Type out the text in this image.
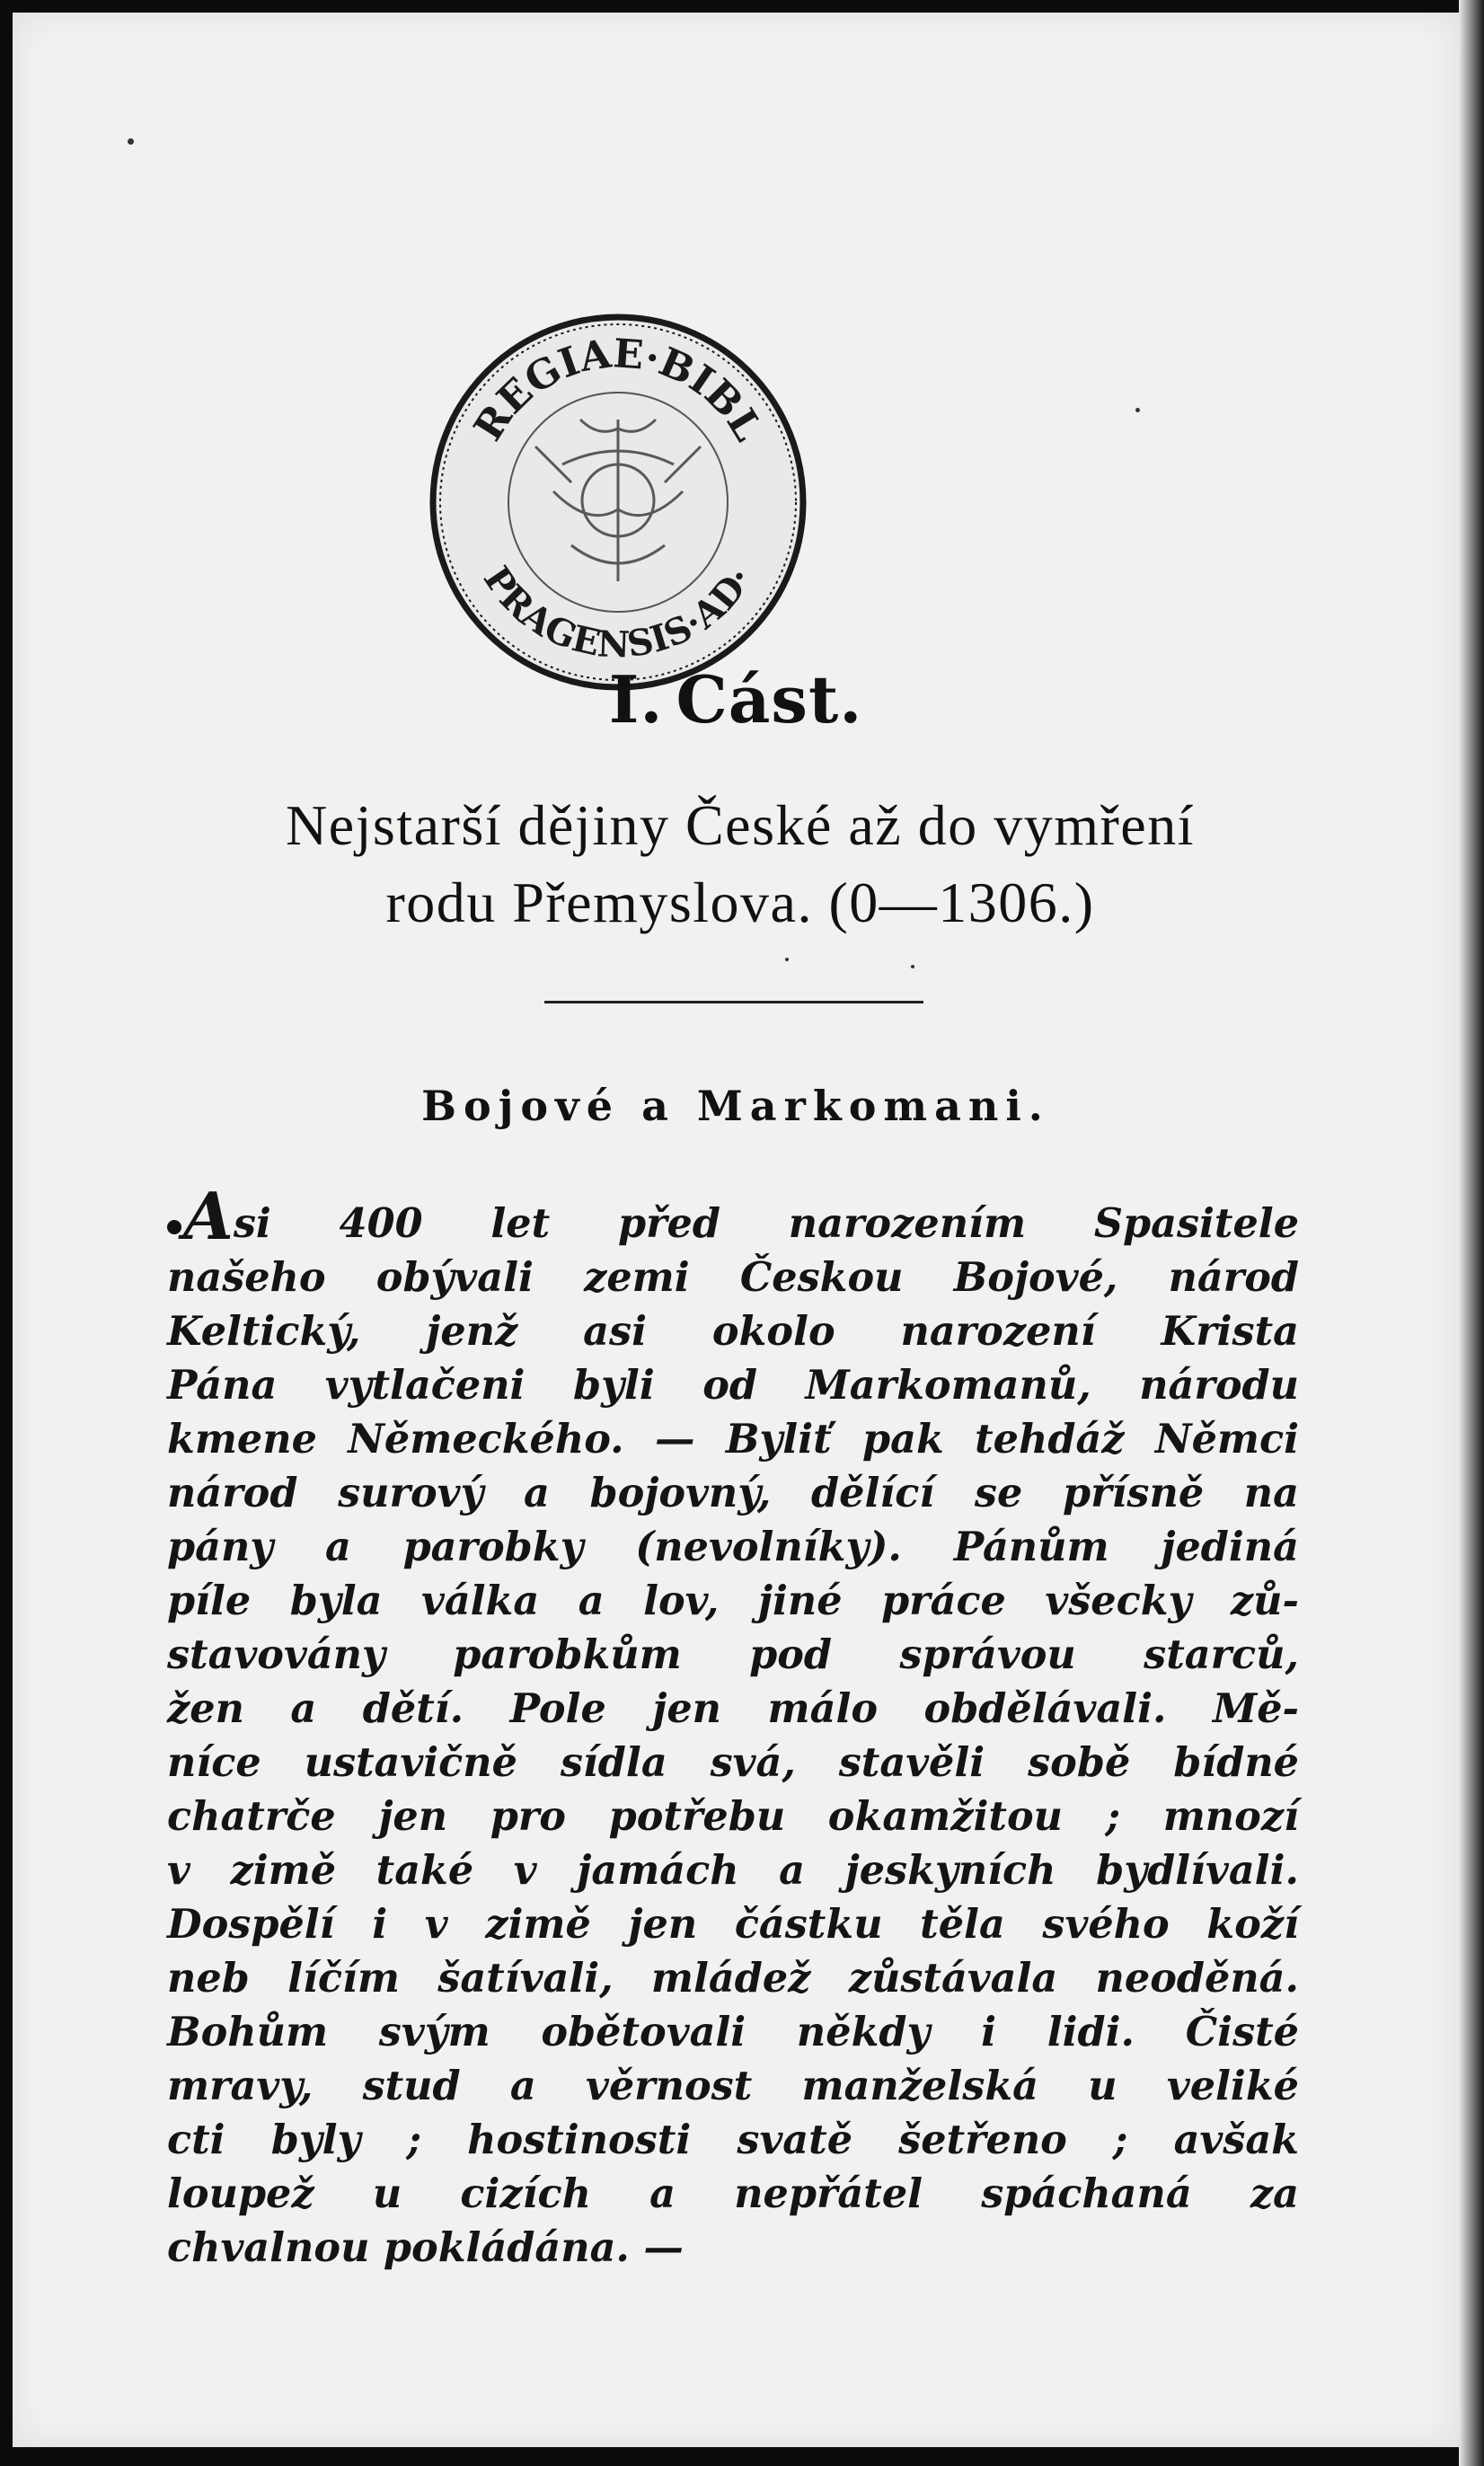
REGIAE·BIBL
PRAGENSIS·AD·
I. Cást.
Nejstarší dějiny České až do vymření
rodu Přemyslova. (0—1306.)
Bojové a Markomani.
Asi 400 let před narozením Spasitele
našeho obývali zemi Českou Bojové, národ
Keltický, jenž asi okolo narození Krista
Pána vytlačeni byli od Markomanů, národu
kmene Německého. — Byliť pak tehdáž Němci
národ surový a bojovný, dělící se přísně na
pány a parobky (nevolníky). Pánům jediná
píle byla válka a lov, jiné práce všecky zů-
stavovány parobkům pod správou starců,
žen a dětí. Pole jen málo obdělávali. Mě-
níce ustavičně sídla svá, stavěli sobě bídné
chatrče jen pro potřebu okamžitou ; mnozí
v zimě také v jamách a jeskyních bydlívali.
Dospělí i v zimě jen částku těla svého koží
neb líčím šatívali, mládež zůstávala neoděná.
Bohům svým obětovali někdy i lidi. Čisté
mravy, stud a věrnost manželská u veliké
cti byly ; hostinosti svatě šetřeno ; avšak
loupež u cizích a nepřátel spáchaná za
chvalnou pokládána. —
